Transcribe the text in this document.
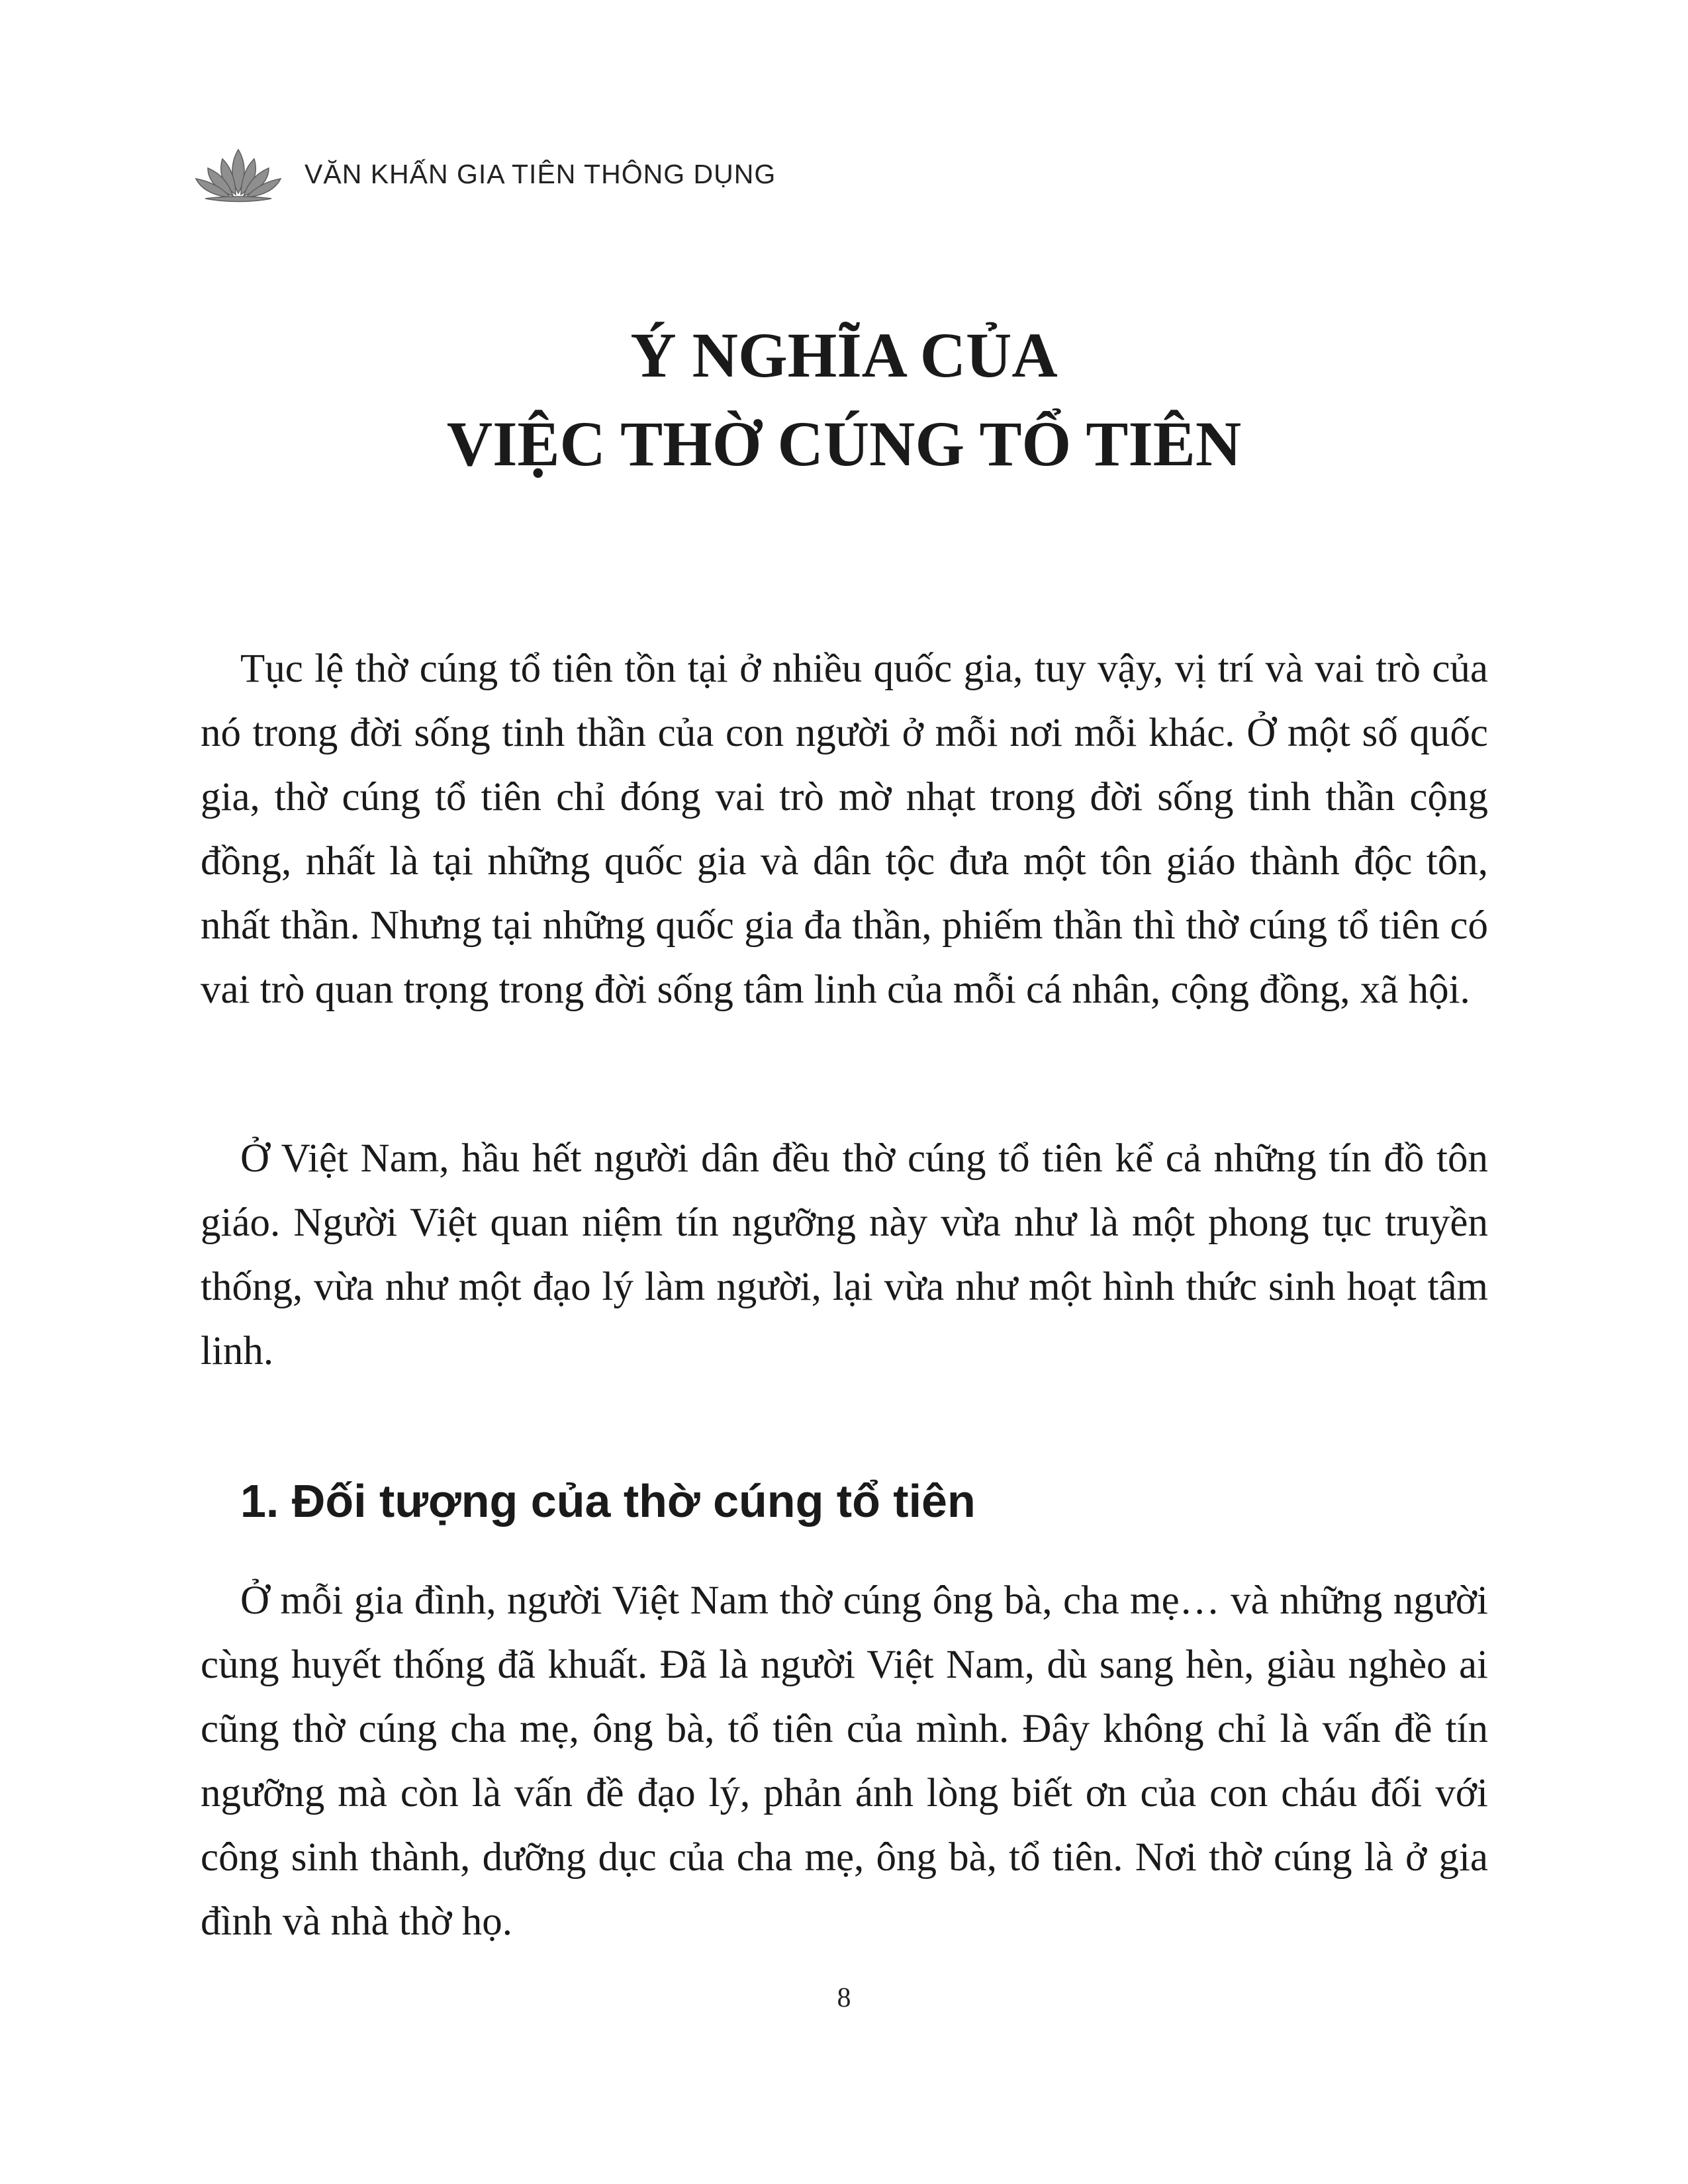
VĂN KHẤN GIA TIÊN THÔNG DỤNG
Ý NGHĨA CỦA
VIỆC THỜ CÚNG TỔ TIÊN

Tục lệ thờ cúng tổ tiên tồn tại ở nhiều quốc gia, tuy vậy, vị trí và vai trò của nó trong đời sống tinh thần của con người ở mỗi nơi mỗi khác. Ở một số quốc gia, thờ cúng tổ tiên chỉ đóng vai trò mờ nhạt trong đời sống tinh thần cộng đồng, nhất là tại những quốc gia và dân tộc đưa một tôn giáo thành độc tôn, nhất thần. Nhưng tại những quốc gia đa thần, phiếm thần thì thờ cúng tổ tiên có vai trò quan trọng trong đời sống tâm linh của mỗi cá nhân, cộng đồng, xã hội.

Ở Việt Nam, hầu hết người dân đều thờ cúng tổ tiên kể cả những tín đồ tôn giáo. Người Việt quan niệm tín ngưỡng này vừa như là một phong tục truyền thống, vừa như một đạo lý làm người, lại vừa như một hình thức sinh hoạt tâm linh.

1. Đối tượng của thờ cúng tổ tiên

Ở mỗi gia đình, người Việt Nam thờ cúng ông bà, cha mẹ… và những người cùng huyết thống đã khuất. Đã là người Việt Nam, dù sang hèn, giàu nghèo ai cũng thờ cúng cha mẹ, ông bà, tổ tiên của mình. Đây không chỉ là vấn đề tín ngưỡng mà còn là vấn đề đạo lý, phản ánh lòng biết ơn của con cháu đối với công sinh thành, dưỡng dục của cha mẹ, ông bà, tổ tiên. Nơi thờ cúng là ở gia đình và nhà thờ họ.

8
